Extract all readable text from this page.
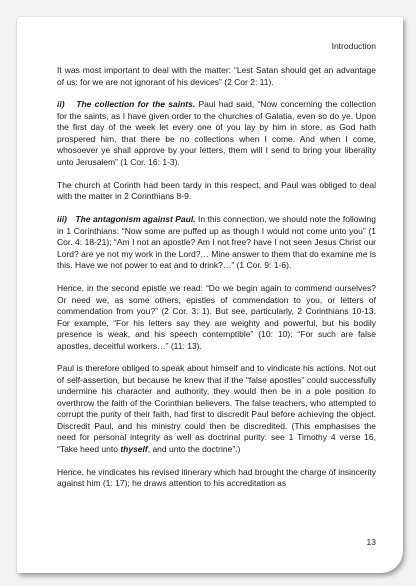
Introduction

It was most important to deal with the matter: “Lest Satan should get an advantage of us: for we are not ignorant of his devices” (2 Cor 2: 11).

ii) The collection for the saints. Paul had said, “Now concerning the collection for the saints, as I have given order to the churches of Galatia, even so do ye. Upon the first day of the week let every one of you lay by him in store, as God hath prospered him, that there be no collections when I come. And when I come, whosoever ye shall approve by your letters, them will I send to bring your liberality unto Jerusalem” (1 Cor. 16: 1-3).

The church at Corinth had been tardy in this respect, and Paul was obliged to deal with the matter in 2 Corinthians 8-9.

iii) The antagonism against Paul. In this connection, we should note the following in 1 Corinthians: “Now some are puffed up as though I would not come unto you” (1 Cor. 4: 18-21); “Am I not an apostle? Am I not free? have I not seen Jesus Christ our Lord? are ye not my work in the Lord?… Mine answer to them that do examine me is this. Have we not power to eat and to drink?…” (1 Cor. 9: 1-6).

Hence, in the second epistle we read: “Do we begin again to commend ourselves? Or need we, as some others, epistles of commendation to you, or letters of commendation from you?” (2 Cor. 3: 1). But see, particularly, 2 Corinthians 10-13. For example, “For his letters say they are weighty and powerful, but his bodily presence is weak, and his speech contemptible” (10: 10); “For such are false apostles, deceitful workers…” (11: 13).

Paul is therefore obliged to speak about himself and to vindicate his actions. Not out of self-assertion, but because he knew that if the “false apostles” could successfully undermine his character and authority, they would then be in a pole position to overthrow the faith of the Corinthian believers. The false teachers, who attempted to corrupt the purity of their faith, had first to discredit Paul before achieving the object. Discredit Paul, and his ministry could then be discredited. (This emphasises the need for personal integrity as well as doctrinal purity: see 1 Timothy 4 verse 16, “Take heed unto thyself, and unto the doctrine”.)

Hence, he vindicates his revised itinerary which had brought the charge of insincerity against him (1: 17); he draws attention to his accreditation as

13
